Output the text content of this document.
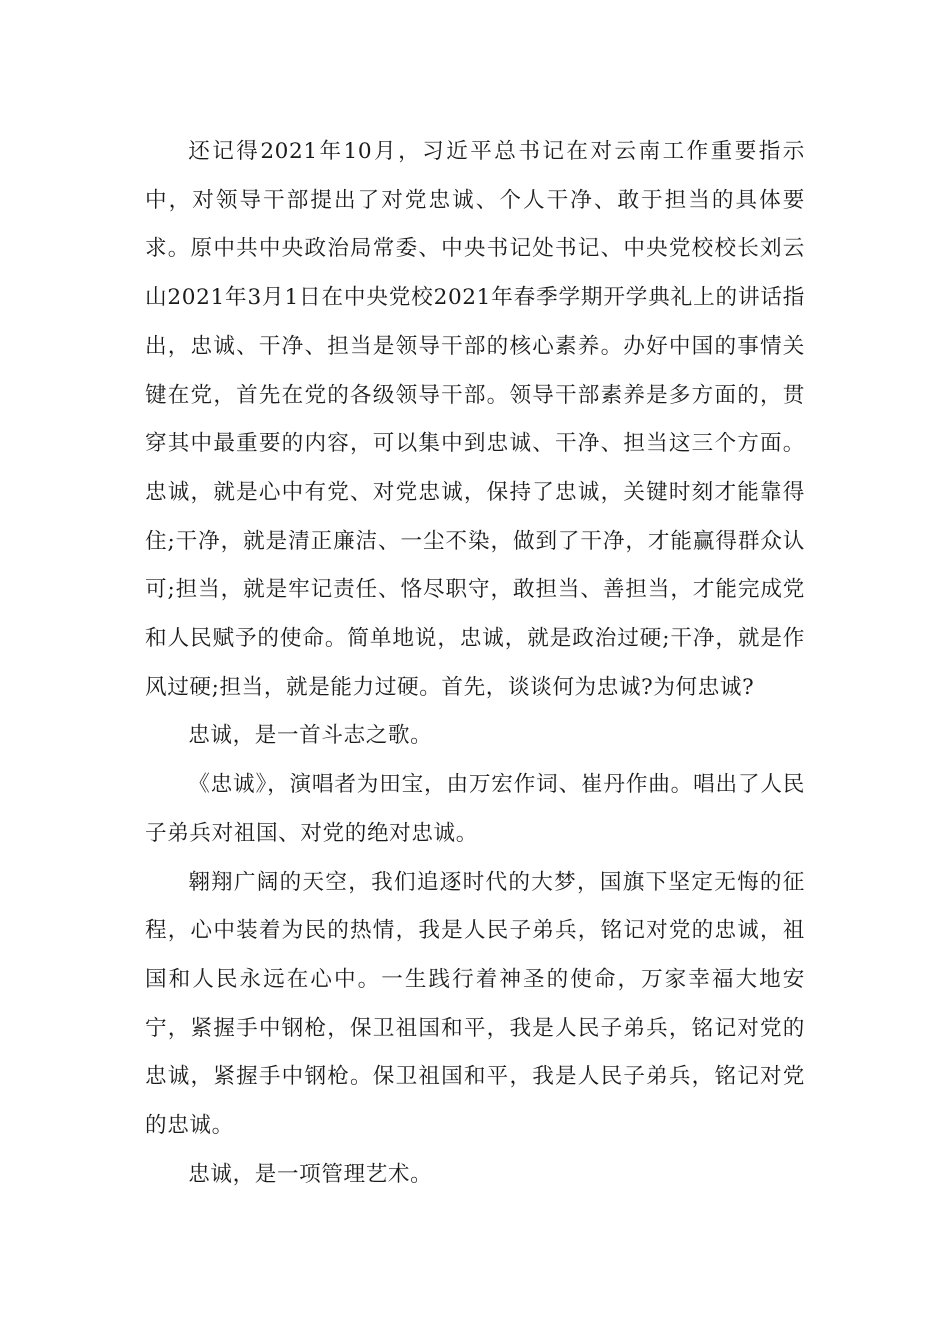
还记得2021年10月，习近平总书记在对云南工作重要指示中，对领导干部提出了对党忠诚、个人干净、敢于担当的具体要求。原中共中央政治局常委、中央书记处书记、中央党校校长刘云山2021年3月1日在中央党校2021年春季学期开学典礼上的讲话指出，忠诚、干净、担当是领导干部的核心素养。办好中国的事情关键在党，首先在党的各级领导干部。领导干部素养是多方面的，贯穿其中最重要的内容，可以集中到忠诚、干净、担当这三个方面。忠诚，就是心中有党、对党忠诚，保持了忠诚，关键时刻才能靠得住;干净，就是清正廉洁、一尘不染，做到了干净，才能赢得群众认可;担当，就是牢记责任、恪尽职守，敢担当、善担当，才能完成党和人民赋予的使命。简单地说，忠诚，就是政治过硬;干净，就是作风过硬;担当，就是能力过硬。首先，谈谈何为忠诚?为何忠诚?

忠诚，是一首斗志之歌。

《忠诚》，演唱者为田宝，由万宏作词、崔丹作曲。唱出了人民子弟兵对祖国、对党的绝对忠诚。

翱翔广阔的天空，我们追逐时代的大梦，国旗下坚定无悔的征程，心中装着为民的热情，我是人民子弟兵，铭记对党的忠诚，祖国和人民永远在心中。一生践行着神圣的使命，万家幸福大地安宁，紧握手中钢枪，保卫祖国和平，我是人民子弟兵，铭记对党的忠诚，紧握手中钢枪。保卫祖国和平，我是人民子弟兵，铭记对党的忠诚。

忠诚，是一项管理艺术。
